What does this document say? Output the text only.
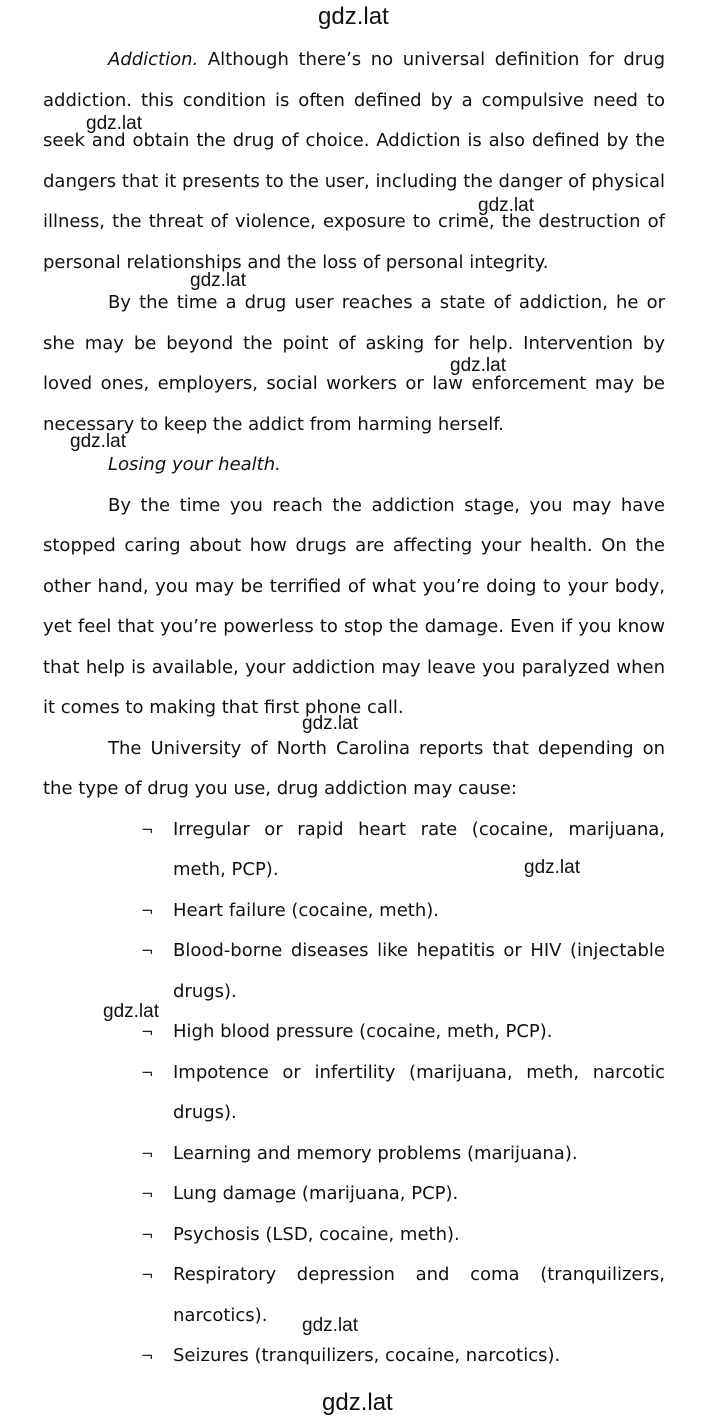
gdz.lat
gdz.lat
gdz.lat
gdz.lat
gdz.lat
gdz.lat
gdz.lat
gdz.lat
gdz.lat
gdz.lat
gdz.lat

Addiction. Although there’s no universal definition for drug addiction. this condition is often defined by a compulsive need to seek and obtain the drug of choice. Addiction is also defined by the dangers that it presents to the user, including the danger of physical illness, the threat of violence, exposure to crime, the destruction of personal relationships and the loss of personal integrity.

By the time a drug user reaches a state of addiction, he or she may be beyond the point of asking for help. Intervention by loved ones, employers, social workers or law enforcement may be necessary to keep the addict from harming herself.

Losing your health.

By the time you reach the addiction stage, you may have stopped caring about how drugs are affecting your health. On the other hand, you may be terrified of what you’re doing to your body, yet feel that you’re powerless to stop the damage. Even if you know that help is available, your addiction may leave you paralyzed when it comes to making that first phone call.

The University of North Carolina reports that depending on the type of drug you use, drug addiction may cause:

¬ Irregular or rapid heart rate (cocaine, marijuana, meth, PCP).
¬ Heart failure (cocaine, meth).
¬ Blood-borne diseases like hepatitis or HIV (injectable drugs).
¬ High blood pressure (cocaine, meth, PCP).
¬ Impotence or infertility (marijuana, meth, narcotic drugs).
¬ Learning and memory problems (marijuana).
¬ Lung damage (marijuana, PCP).
¬ Psychosis (LSD, cocaine, meth).
¬ Respiratory depression and coma (tranquilizers, narcotics).
¬ Seizures (tranquilizers, cocaine, narcotics).
